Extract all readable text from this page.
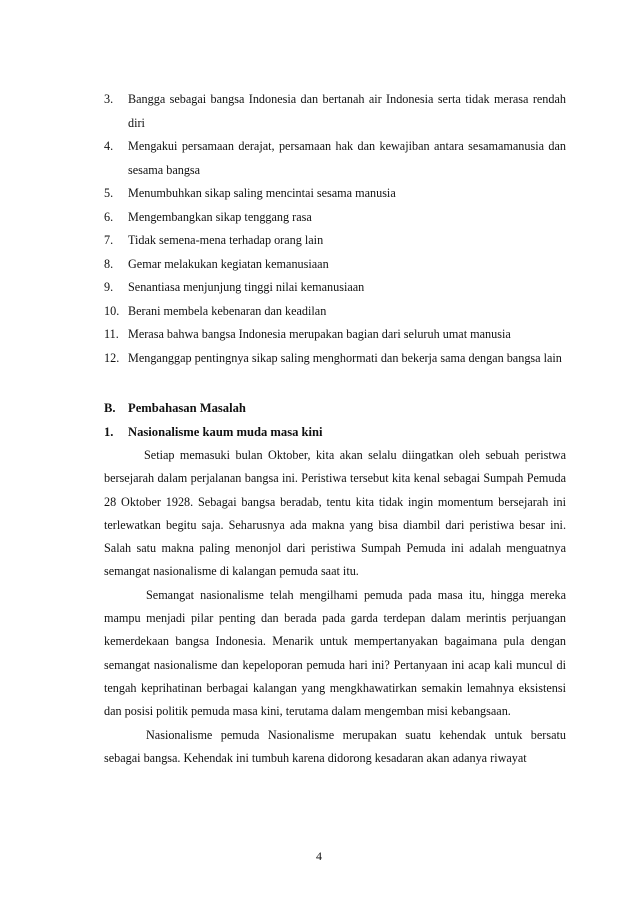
3.	Bangga sebagai bangsa Indonesia dan bertanah air Indonesia serta tidak merasa rendah diri
4.	Mengakui persamaan derajat, persamaan hak dan kewajiban antara sesamamanusia dan sesama bangsa
5.	Menumbuhkan sikap saling mencintai sesama manusia
6.	Mengembangkan sikap tenggang rasa
7.	Tidak semena-mena terhadap orang lain
8.	Gemar melakukan kegiatan kemanusiaan
9.	Senantiasa menjunjung tinggi nilai kemanusiaan
10. Berani membela kebenaran dan keadilan
11. Merasa bahwa bangsa Indonesia merupakan bagian dari seluruh umat manusia
12. Menganggap pentingnya sikap saling menghormati dan bekerja sama dengan bangsa lain
B. Pembahasan Masalah
1.	Nasionalisme kaum muda masa kini

Setiap memasuki bulan Oktober, kita akan selalu diingatkan oleh sebuah peristwa bersejarah dalam perjalanan bangsa ini. Peristiwa tersebut kita kenal sebagai Sumpah Pemuda 28 Oktober 1928. Sebagai bangsa beradab, tentu kita tidak ingin momentum bersejarah ini terlewatkan begitu saja. Seharusnya ada makna yang bisa diambil dari peristiwa besar ini. Salah satu makna paling menonjol dari peristiwa Sumpah Pemuda ini adalah menguatnya semangat nasionalisme di kalangan pemuda saat itu.

Semangat nasionalisme telah mengilhami pemuda pada masa itu, hingga mereka mampu menjadi pilar penting dan berada pada garda terdepan dalam merintis perjuangan kemerdekaan bangsa Indonesia. Menarik untuk mempertanyakan bagaimana pula dengan semangat nasionalisme dan kepeloporan pemuda hari ini? Pertanyaan ini acap kali muncul di tengah keprihatinan berbagai kalangan yang mengkhawatirkan semakin lemahnya eksistensi dan posisi politik pemuda masa kini, terutama dalam mengemban misi kebangsaan.

Nasionalisme pemuda Nasionalisme merupakan suatu kehendak untuk bersatu sebagai bangsa. Kehendak ini tumbuh karena didorong kesadaran akan adanya riwayat

4
